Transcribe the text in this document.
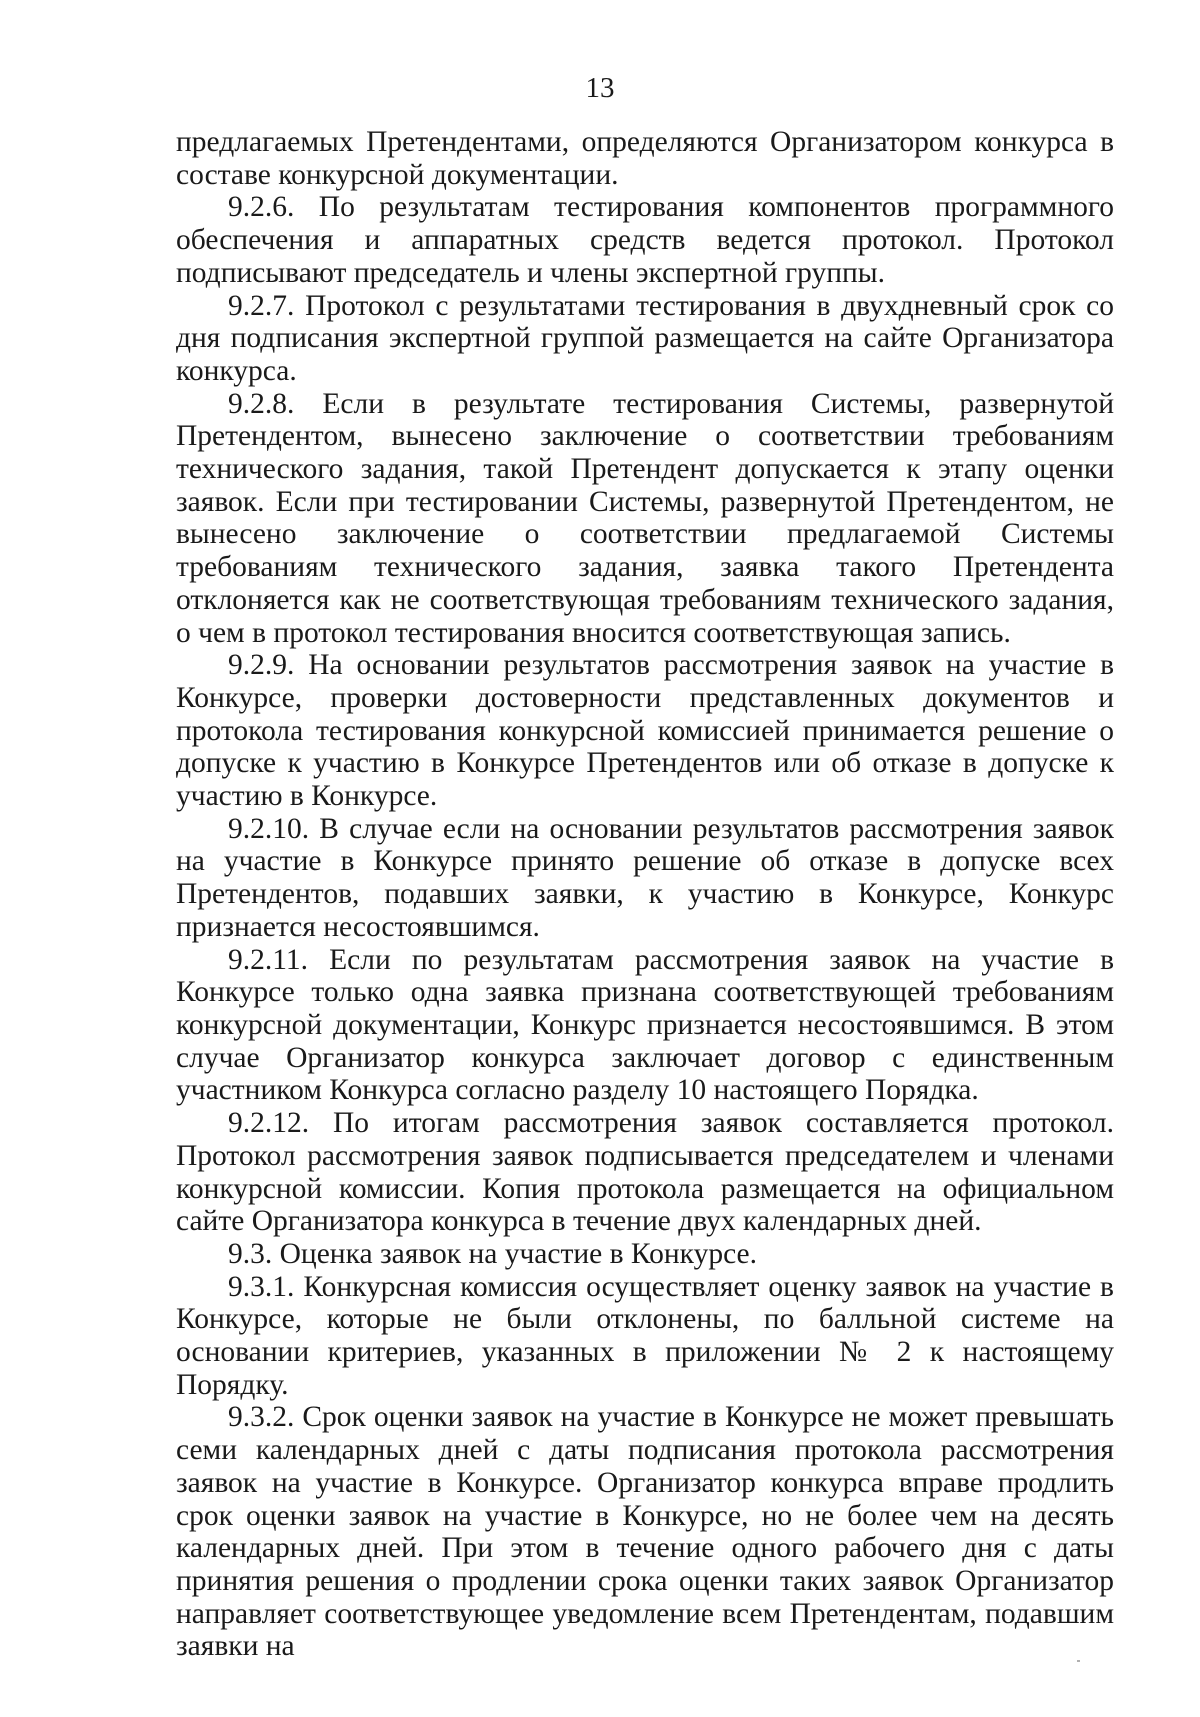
13

предлагаемых Претендентами, определяются Организатором конкурса в составе конкурсной документации.

9.2.6. По результатам тестирования компонентов программного обеспечения и аппаратных средств ведется протокол. Протокол подписывают председатель и члены экспертной группы.

9.2.7. Протокол с результатами тестирования в двухдневный срок со дня подписания экспертной группой размещается на сайте Организатора конкурса.

9.2.8. Если в результате тестирования Системы, развернутой Претендентом, вынесено заключение о соответствии требованиям технического задания, такой Претендент допускается к этапу оценки заявок. Если при тестировании Системы, развернутой Претендентом, не вынесено заключение о соответствии предлагаемой Системы требованиям технического задания, заявка такого Претендента отклоняется как не соответствующая требованиям технического задания, о чем в протокол тестирования вносится соответствующая запись.

9.2.9. На основании результатов рассмотрения заявок на участие в Конкурсе, проверки достоверности представленных документов и протокола тестирования конкурсной комиссией принимается решение о допуске к участию в Конкурсе Претендентов или об отказе в допуске к участию в Конкурсе.

9.2.10. В случае если на основании результатов рассмотрения заявок на участие в Конкурсе принято решение об отказе в допуске всех Претендентов, подавших заявки, к участию в Конкурсе, Конкурс признается несостоявшимся.

9.2.11. Если по результатам рассмотрения заявок на участие в Конкурсе только одна заявка признана соответствующей требованиям конкурсной документации, Конкурс признается несостоявшимся. В этом случае Организатор конкурса заключает договор с единственным участником Конкурса согласно разделу 10 настоящего Порядка.

9.2.12. По итогам рассмотрения заявок составляется протокол. Протокол рассмотрения заявок подписывается председателем и членами конкурсной комиссии. Копия протокола размещается на официальном сайте Организатора конкурса в течение двух календарных дней.

9.3. Оценка заявок на участие в Конкурсе.

9.3.1. Конкурсная комиссия осуществляет оценку заявок на участие в Конкурсе, которые не были отклонены, по балльной системе на основании критериев, указанных в приложении № 2 к настоящему Порядку.

9.3.2. Срок оценки заявок на участие в Конкурсе не может превышать семи календарных дней с даты подписания протокола рассмотрения заявок на участие в Конкурсе. Организатор конкурса вправе продлить срок оценки заявок на участие в Конкурсе, но не более чем на десять календарных дней. При этом в течение одного рабочего дня с даты принятия решения о продлении срока оценки таких заявок Организатор направляет соответствующее уведомление всем Претендентам, подавшим заявки на
